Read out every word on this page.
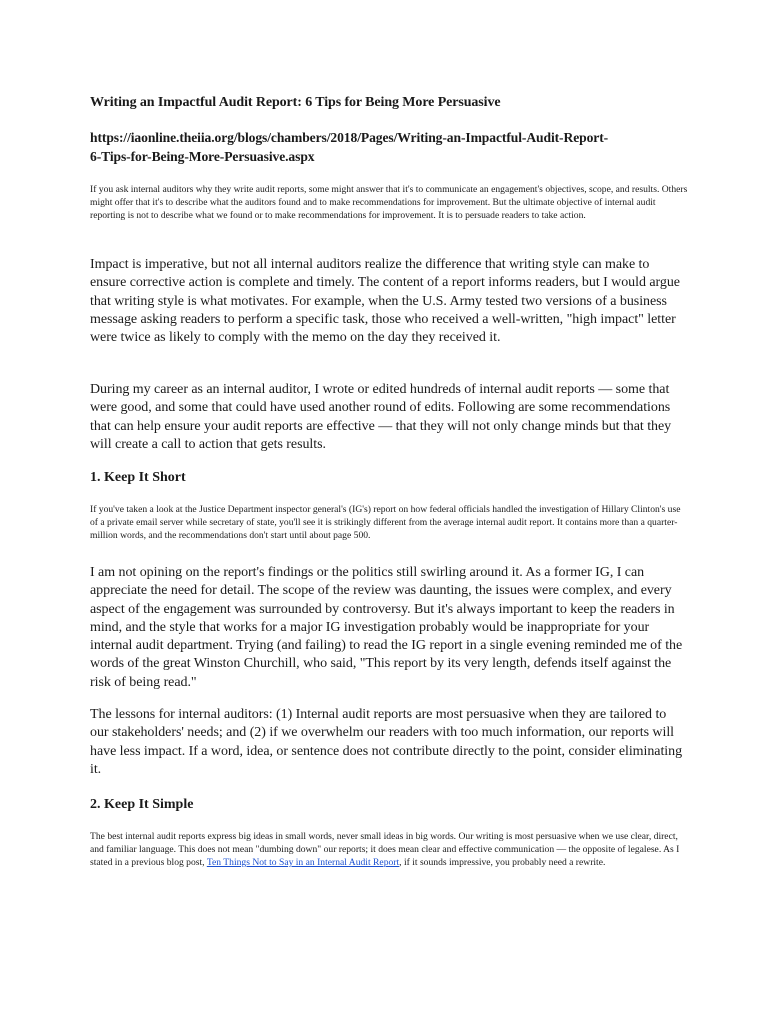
Writing an Impactful Audit Report: 6 Tips for Being More Persuasive

https://iaonline.theiia.org/blogs/chambers/2018/Pages/Writing-an-Impactful-Audit-Report-
6-Tips-for-Being-More-Persuasive.aspx

If you ask internal auditors why they write audit reports, some might answer that it's to communicate an engagement's objectives, scope, and results. Others might offer that it's to describe what the auditors found and to make recommendations for improvement. But the ultimate objective of internal audit reporting is not to describe what we found or to make recommendations for improvement. It is to persuade readers to take action.

Impact is imperative, but not all internal auditors realize the difference that writing style can make to ensure corrective action is complete and timely. The content of a report informs readers, but I would argue that writing style is what motivates. For example, when the U.S. Army tested two versions of a business message asking readers to perform a specific task, those who received a well-written, "high impact" letter were twice as likely to comply with the memo on the day they received it.

During my career as an internal auditor, I wrote or edited hundreds of internal audit reports — some that were good, and some that could have used another round of edits. Following are some recommendations that can help ensure your audit reports are effective — that they will not only change minds but that they will create a call to action that gets results.

1. Keep It Short

If you've taken a look at the Justice Department inspector general's (IG's) report on how federal officials handled the investigation of Hillary Clinton's use of a private email server while secretary of state, you'll see it is strikingly different from the average internal audit report. It contains more than a quarter-million words, and the recommendations don't start until about page 500.

I am not opining on the report's findings or the politics still swirling around it. As a former IG, I can appreciate the need for detail. The scope of the review was daunting, the issues were complex, and every aspect of the engagement was surrounded by controversy. But it's always important to keep the readers in mind, and the style that works for a major IG investigation probably would be inappropriate for your internal audit department. Trying (and failing) to read the IG report in a single evening reminded me of the words of the great Winston Churchill, who said, "This report by its very length, defends itself against the risk of being read."

The lessons for internal auditors: (1) Internal audit reports are most persuasive when they are tailored to our stakeholders' needs; and (2) if we overwhelm our readers with too much information, our reports will have less impact. If a word, idea, or sentence does not contribute directly to the point, consider eliminating it.

2. Keep It Simple

The best internal audit reports express big ideas in small words, never small ideas in big words. Our writing is most persuasive when we use clear, direct, and familiar language. This does not mean "dumbing down" our reports; it does mean clear and effective communication — the opposite of legalese. As I stated in a previous blog post, Ten Things Not to Say in an Internal Audit Report, if it sounds impressive, you probably need a rewrite.
